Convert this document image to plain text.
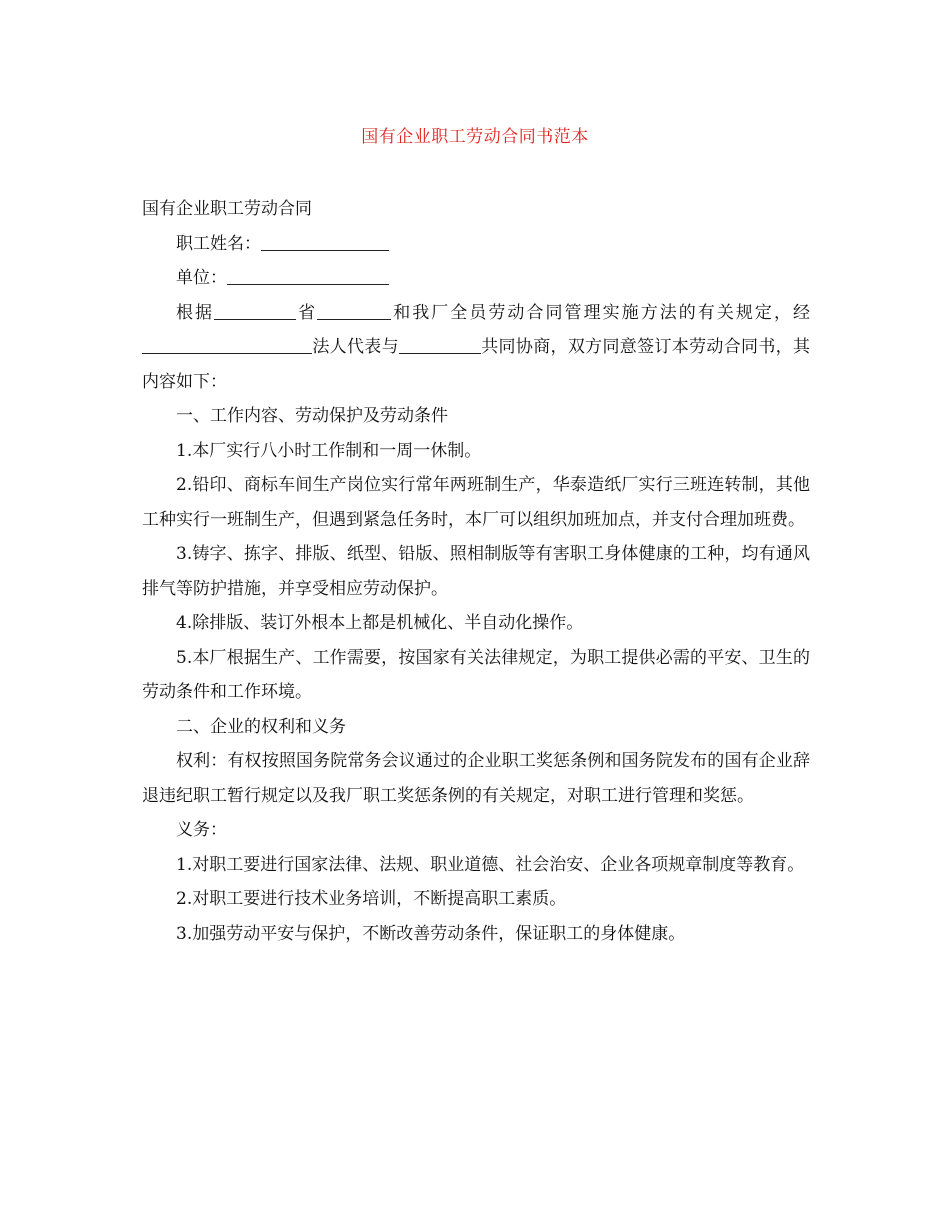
国有企业职工劳动合同书范本

国有企业职工劳动合同

职工姓名：

单位：

根据	省	和我厂全员劳动合同管理实施方法的有关规定，经法人代表与	共同协商，双方同意签订本劳动合同书，其内容如下：

一、工作内容、劳动保护及劳动条件

1.本厂实行八小时工作制和一周一休制。

2.铅印、商标车间生产岗位实行常年两班制生产，华泰造纸厂实行三班连转制，其他工种实行一班制生产，但遇到紧急任务时，本厂可以组织加班加点，并支付合理加班费。

3.铸字、拣字、排版、纸型、铅版、照相制版等有害职工身体健康的工种，均有通风排气等防护措施，并享受相应劳动保护。

4.除排版、装订外根本上都是机械化、半自动化操作。

5.本厂根据生产、工作需要，按国家有关法律规定，为职工提供必需的平安、卫生的劳动条件和工作环境。

二、企业的权利和义务

权利：有权按照国务院常务会议通过的企业职工奖惩条例和国务院发布的国有企业辞退违纪职工暂行规定以及我厂职工奖惩条例的有关规定，对职工进行管理和奖惩。

义务：

1.对职工要进行国家法律、法规、职业道德、社会治安、企业各项规章制度等教育。

2.对职工要进行技术业务培训，不断提高职工素质。

3.加强劳动平安与保护，不断改善劳动条件，保证职工的身体健康。
